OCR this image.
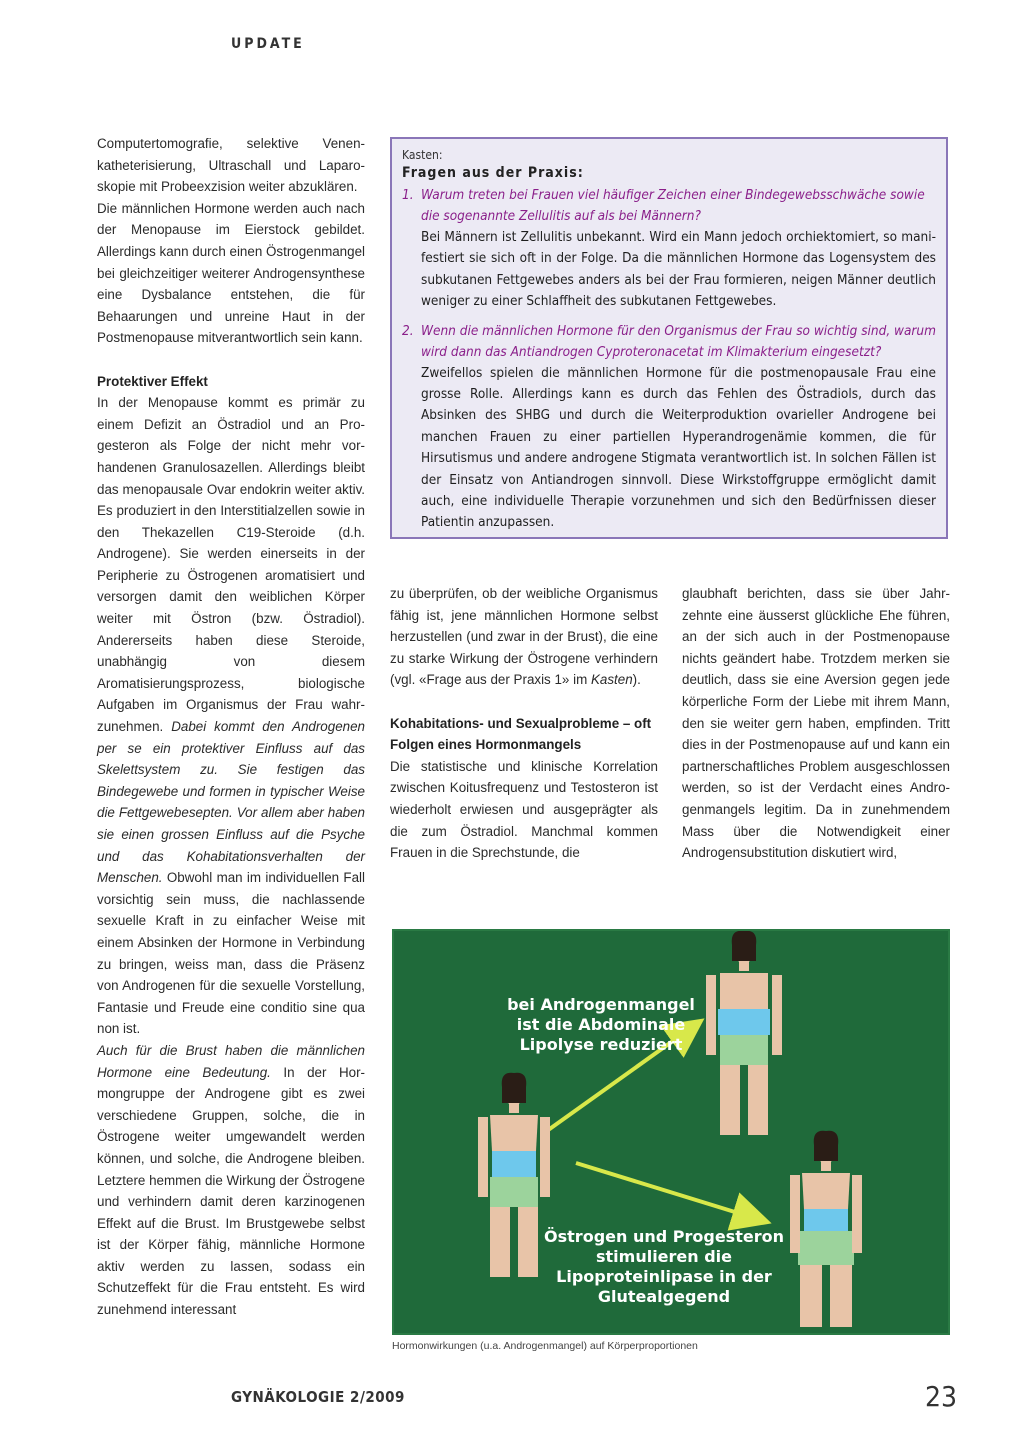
UPDATE

Computertomografie, selektive Venenkatheterisierung, Ultraschall und Laparoskopie mit Probeexzision weiter abzuklären.

Die männlichen Hormone werden auch nach der Menopause im Eierstock gebildet. Allerdings kann durch einen Östrogenmangel bei gleichzeitiger weiterer Androgensynthese eine Dysbalance entstehen, die für Behaarungen und unreine Haut in der Postmenopause mitverantwortlich sein kann.

Protektiver Effekt

In der Menopause kommt es primär zu einem Defizit an Östradiol und an Progesteron als Folge der nicht mehr vorhandenen Granulosazellen. Allerdings bleibt das menopausale Ovar endokrin weiter aktiv. Es produziert in den Interstitialzellen sowie in den Thekazellen C19-Steroide (d.h. Androgene). Sie werden einerseits in der Peripherie zu Östrogenen aromatisiert und versorgen damit den weiblichen Körper weiter mit Östron (bzw. Östradiol). Andererseits haben diese Steroide, unabhängig von diesem Aromatisierungsprozess, biologische Aufgaben im Organismus der Frau wahrzunehmen. Dabei kommt den Androgenen per se ein protektiver Einfluss auf das Skelettsystem zu. Sie festigen das Bindegewebe und formen in typischer Weise die Fettgewebesepten. Vor allem aber haben sie einen grossen Einfluss auf die Psyche und das Kohabitationsverhalten der Menschen. Obwohl man im individuellen Fall vorsichtig sein muss, die nachlassende sexuelle Kraft in zu einfacher Weise mit einem Absinken der Hormone in Verbindung zu bringen, weiss man, dass die Präsenz von Androgenen für die sexuelle Vorstellung, Fantasie und Freude eine conditio sine qua non ist.

Auch für die Brust haben die männlichen Hormone eine Bedeutung. In der Hormongruppe der Androgene gibt es zwei verschiedene Gruppen, solche, die in Östrogene weiter umgewandelt werden können, und solche, die Androgene bleiben. Letztere hemmen die Wirkung der Östrogene und verhindern damit deren karzinogenen Effekt auf die Brust. Im Brustgewebe selbst ist der Körper fähig, männliche Hormone aktiv werden zu lassen, sodass ein Schutzeffekt für die Frau entsteht. Es wird zunehmend interessant

Kasten:
Fragen aus der Praxis:
1. Warum treten bei Frauen viel häufiger Zeichen einer Bindegewebsschwäche sowie die sogenannte Zellulitis auf als bei Männern?
Bei Männern ist Zellulitis unbekannt. Wird ein Mann jedoch orchiektomiert, so manifestiert sie sich oft in der Folge. Da die männlichen Hormone das Logensystem des subkutanen Fettgewebes anders als bei der Frau formieren, neigen Männer deutlich weniger zu einer Schlaffheit des subkutanen Fettgewebes.
2. Wenn die männlichen Hormone für den Organismus der Frau so wichtig sind, warum wird dann das Antiandrogen Cyproteronacetat im Klimakterium eingesetzt?
Zweifellos spielen die männlichen Hormone für die postmenopausale Frau eine grosse Rolle. Allerdings kann es durch das Fehlen des Östradiols, durch das Absinken des SHBG und durch die Weiterproduktion ovarieller Androgene bei manchen Frauen zu einer partiellen Hyperandrogenämie kommen, die für Hirsutismus und andere androgene Stigmata verantwortlich ist. In solchen Fällen ist der Einsatz von Antiandrogen sinnvoll. Diese Wirkstoffgruppe ermöglicht damit auch, eine individuelle Therapie vorzunehmen und sich den Bedürfnissen dieser Patientin anzupassen.

zu überprüfen, ob der weibliche Organismus fähig ist, jene männlichen Hormone selbst herzustellen (und zwar in der Brust), die eine zu starke Wirkung der Östrogene verhindern (vgl. «Frage aus der Praxis 1» im Kasten).

Kohabitations- und Sexualprobleme – oft Folgen eines Hormonmangels

Die statistische und klinische Korrelation zwischen Koitusfrequenz und Testosteron ist wiederholt erwiesen und ausgeprägter als die zum Östradiol. Manchmal kommen Frauen in die Sprechstunde, die

glaubhaft berichten, dass sie über Jahrzehnte eine äusserst glückliche Ehe führen, an der sich auch in der Postmenopause nichts geändert habe. Trotzdem merken sie deutlich, dass sie eine Aversion gegen jede körperliche Form der Liebe mit ihrem Mann, den sie weiter gern haben, empfinden. Tritt dies in der Postmenopause auf und kann ein partnerschaftliches Problem ausgeschlossen werden, so ist der Verdacht eines Androgenmangels legitim. Da in zunehmendem Mass über die Notwendigkeit einer Androgensubstitution diskutiert wird,

bei Androgenmangel ist die Abdominale Lipolyse reduziert
Östrogen und Progesteron stimulieren die Lipoproteinlipase in der Glutealgegend
Hormonwirkungen (u.a. Androgenmangel) auf Körperproportionen
GYNÄKOLOGIE 2/2009	23
